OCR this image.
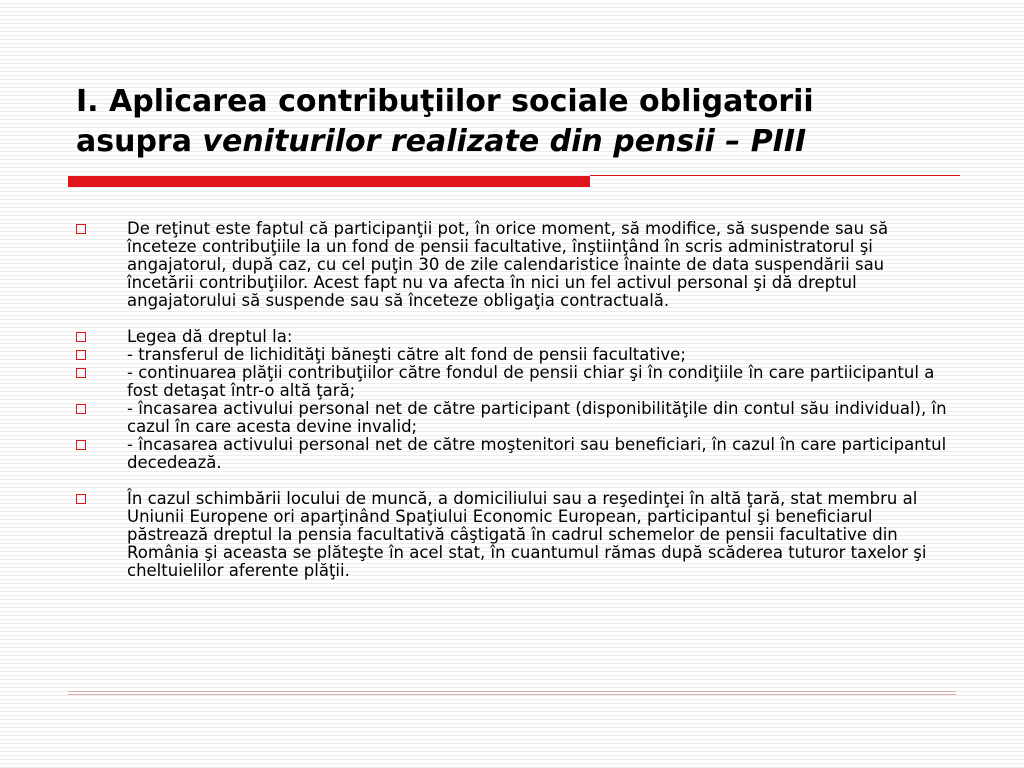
I. Aplicarea contribuţiilor sociale obligatorii
asupra veniturilor realizate din pensii – PIII
De reţinut este faptul că participanţii pot, în orice moment, să modifice, să suspende sau să înceteze contribuţiile la un fond de pensii facultative, înştiinţând în scris administratorul şi angajatorul, după caz, cu cel puţin 30 de zile calendaristice înainte de data suspendării sau încetării contribuţiilor. Acest fapt nu va afecta în nici un fel activul personal şi dă dreptul angajatorului să suspende sau să înceteze obligaţia contractuală.
Legea dă dreptul la:
- transferul de lichidităţi băneşti către alt fond de pensii facultative;
- continuarea plăţii contribuţiilor către fondul de pensii chiar şi în condiţiile în care partiicipantul a fost detaşat într-o altă ţară;
- încasarea activului personal net de către participant (disponibilităţile din contul său individual), în cazul în care acesta devine invalid;
- încasarea activului personal net de către moştenitori sau beneficiari, în cazul în care participantul decedează.
În cazul schimbării locului de muncă, a domiciliului sau a reşedinţei în altă ţară, stat membru al Uniunii Europene ori aparţinând Spaţiului Economic European, participantul şi beneficiarul păstrează dreptul la pensia facultativă câştigată în cadrul schemelor de pensii facultative din România şi aceasta se plăteşte în acel stat, în cuantumul rămas după scăderea tuturor taxelor şi cheltuielilor aferente plăţii.
